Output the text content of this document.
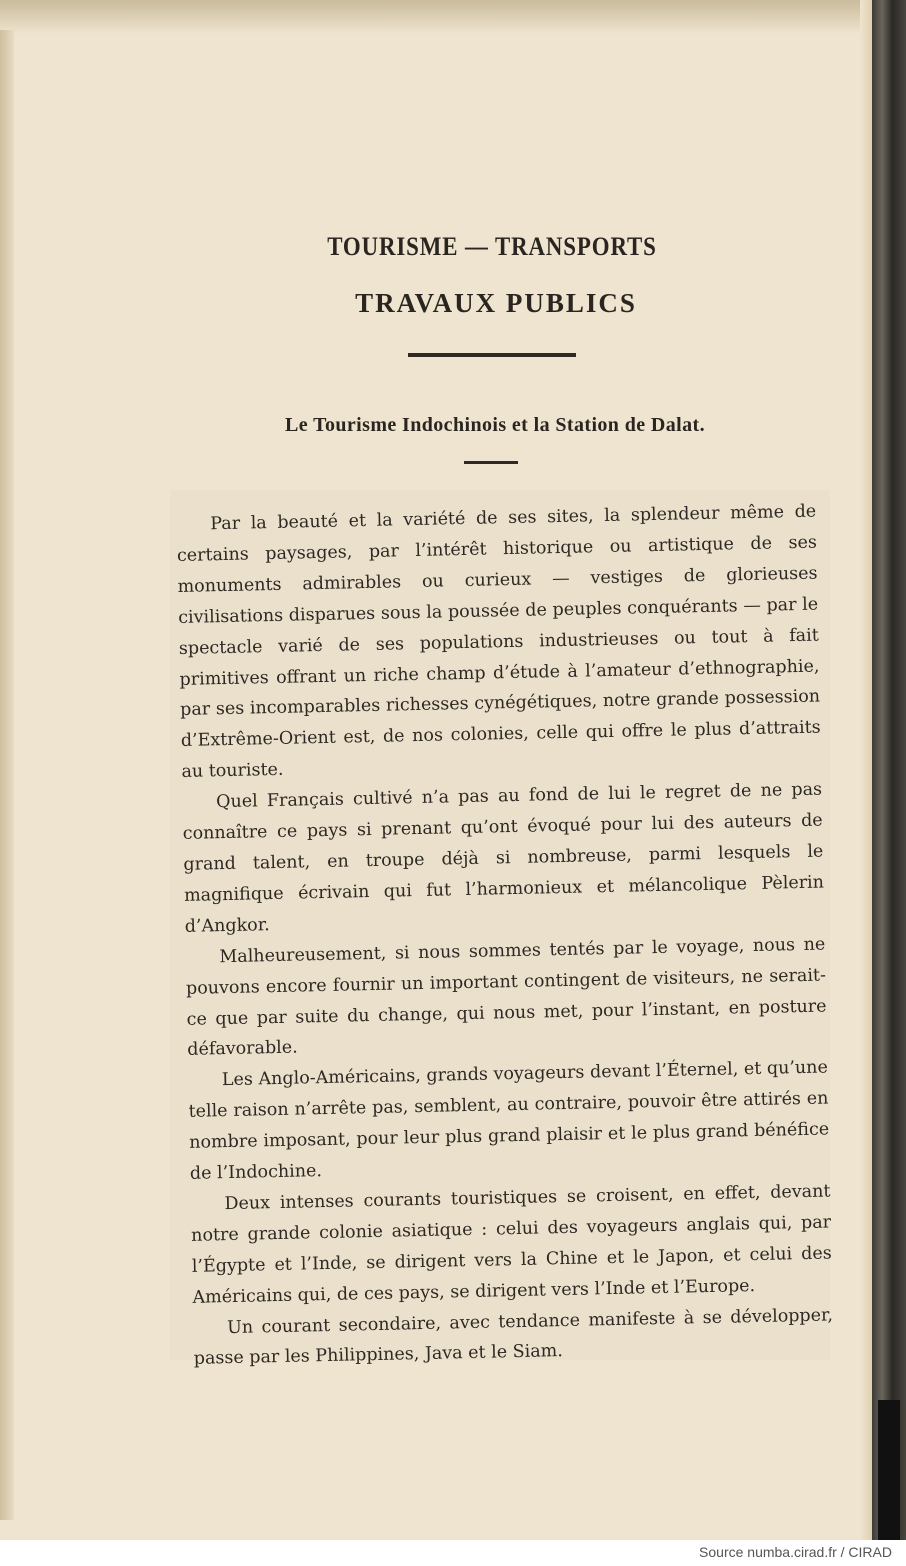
TOURISME — TRANSPORTS
TRAVAUX PUBLICS
Le Tourisme Indochinois et la Station de Dalat.

Par la beauté et la variété de ses sites, la splendeur même de certains paysages, par l’intérêt historique ou artistique de ses monuments admirables ou curieux — vestiges de glorieuses civilisations disparues sous la poussée de peuples conquérants — par le spectacle varié de ses populations industrieuses ou tout à fait primitives offrant un riche champ d’étude à l’amateur d’ethnographie, par ses incomparables richesses cynégétiques, notre grande possession d’Extrême-Orient est, de nos colonies, celle qui offre le plus d’attraits au touriste.

Quel Français cultivé n’a pas au fond de lui le regret de ne pas connaître ce pays si prenant qu’ont évoqué pour lui des auteurs de grand talent, en troupe déjà si nombreuse, parmi lesquels le magnifique écrivain qui fut l’harmonieux et mélancolique Pèlerin d’Angkor.

Malheureusement, si nous sommes tentés par le voyage, nous ne pouvons encore fournir un important contingent de visiteurs, ne serait-ce que par suite du change, qui nous met, pour l’instant, en posture défavorable.

Les Anglo-Américains, grands voyageurs devant l’Éternel, et qu’une telle raison n’arrête pas, semblent, au contraire, pouvoir être attirés en nombre imposant, pour leur plus grand plaisir et le plus grand bénéfice de l’Indochine.

Deux intenses courants touristiques se croisent, en effet, devant notre grande colonie asiatique : celui des voyageurs anglais qui, par l’Égypte et l’Inde, se dirigent vers la Chine et le Japon, et celui des Américains qui, de ces pays, se dirigent vers l’Inde et l’Europe.

Un courant secondaire, avec tendance manifeste à se développer, passe par les Philippines, Java et le Siam.

Source numba.cirad.fr / CIRAD
